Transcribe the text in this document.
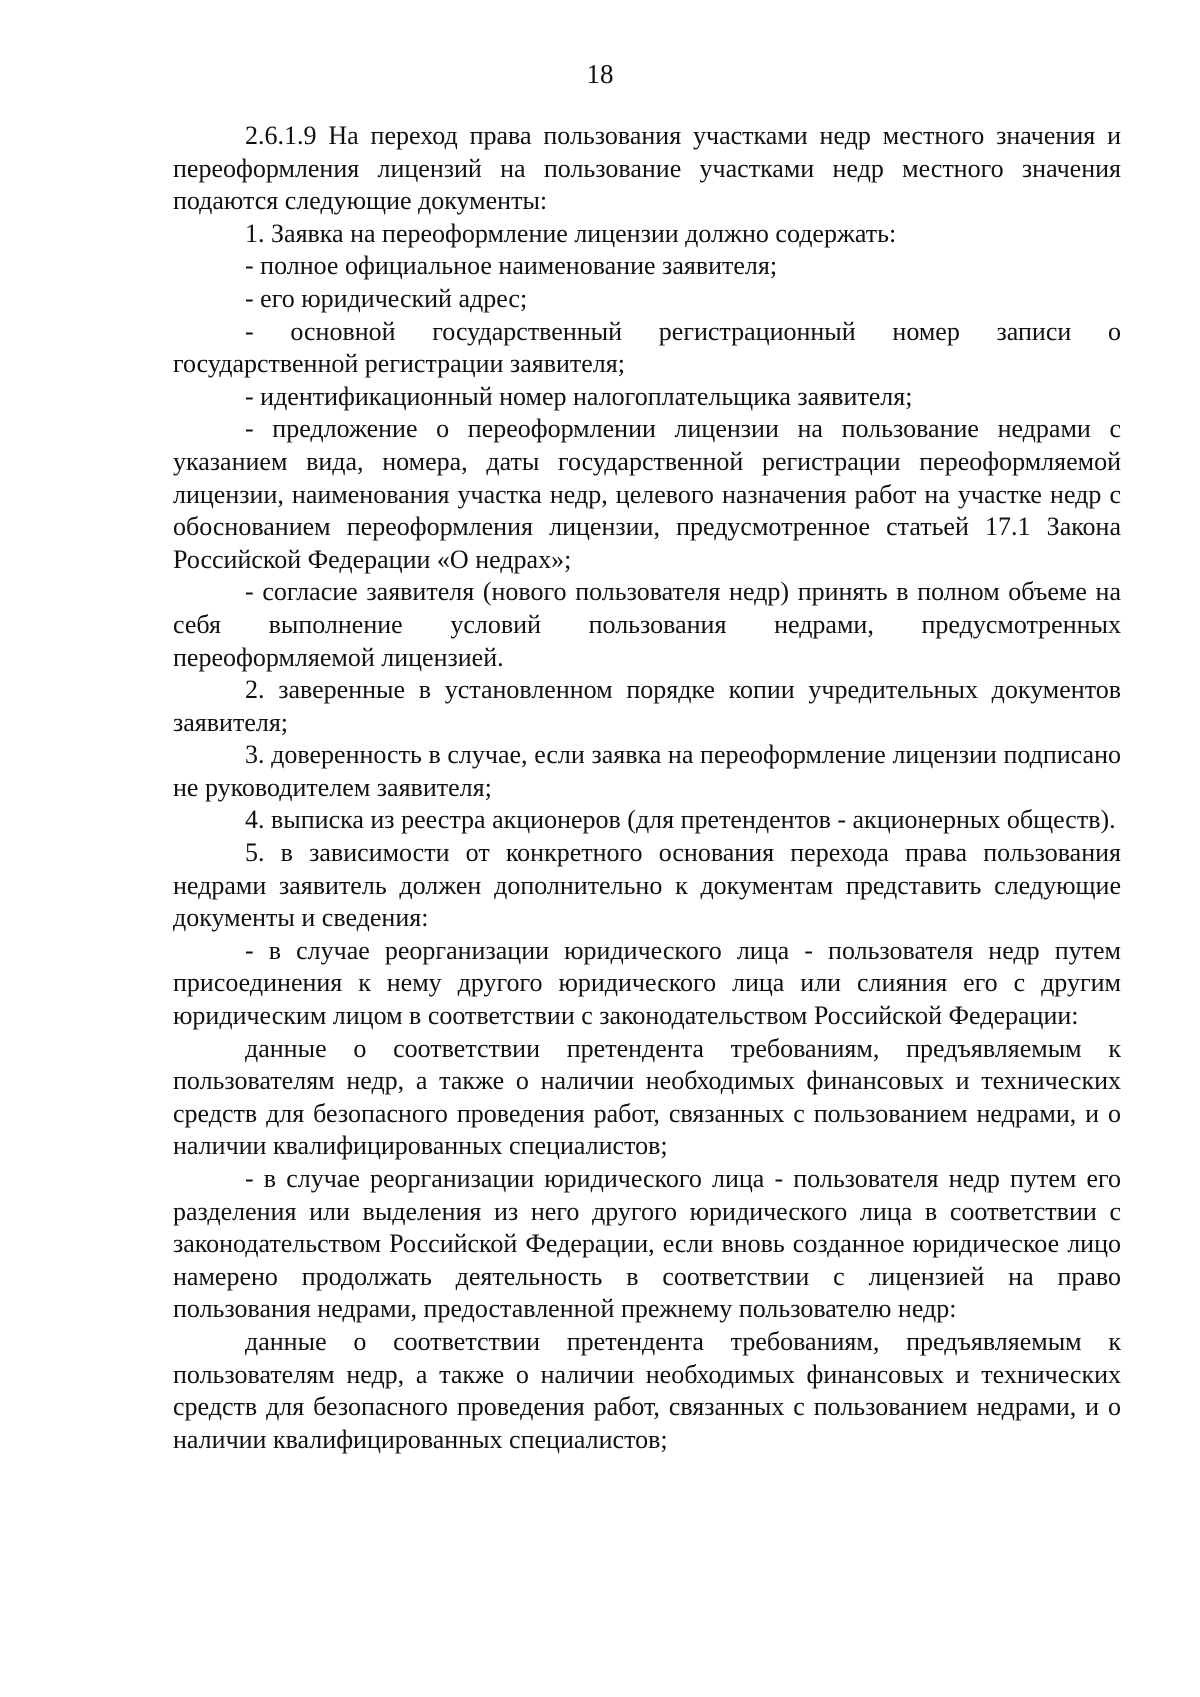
18

2.6.1.9 На переход права пользования участками недр местного значения и переоформления лицензий на пользование участками недр местного значения подаются следующие документы:

1. Заявка на переоформление лицензии должно содержать:

- полное официальное наименование заявителя;

- его юридический адрес;

- основной государственный регистрационный номер записи о государственной регистрации заявителя;

- идентификационный номер налогоплательщика заявителя;

- предложение о переоформлении лицензии на пользование недрами с указанием вида, номера, даты государственной регистрации переоформляемой лицензии, наименования участка недр, целевого назначения работ на участке недр с обоснованием переоформления лицензии, предусмотренное статьей 17.1 Закона Российской Федерации «О недрах»;

- согласие заявителя (нового пользователя недр) принять в полном объеме на себя выполнение условий пользования недрами, предусмотренных переоформляемой лицензией.

2. заверенные в установленном порядке копии учредительных документов заявителя;

3. доверенность в случае, если заявка на переоформление лицензии подписано не руководителем заявителя;

4. выписка из реестра акционеров (для претендентов - акционерных обществ).

5. в зависимости от конкретного основания перехода права пользования недрами заявитель должен дополнительно к документам представить следующие документы и сведения:

- в случае реорганизации юридического лица - пользователя недр путем присоединения к нему другого юридического лица или слияния его с другим юридическим лицом в соответствии с законодательством Российской Федерации:

данные о соответствии претендента требованиям, предъявляемым к пользователям недр, а также о наличии необходимых финансовых и технических средств для безопасного проведения работ, связанных с пользованием недрами, и о наличии квалифицированных специалистов;

- в случае реорганизации юридического лица - пользователя недр путем его разделения или выделения из него другого юридического лица в соответствии с законодательством Российской Федерации, если вновь созданное юридическое лицо намерено продолжать деятельность в соответствии с лицензией на право пользования недрами, предоставленной прежнему пользователю недр:

данные о соответствии претендента требованиям, предъявляемым к пользователям недр, а также о наличии необходимых финансовых и технических средств для безопасного проведения работ, связанных с пользованием недрами, и о наличии квалифицированных специалистов;
